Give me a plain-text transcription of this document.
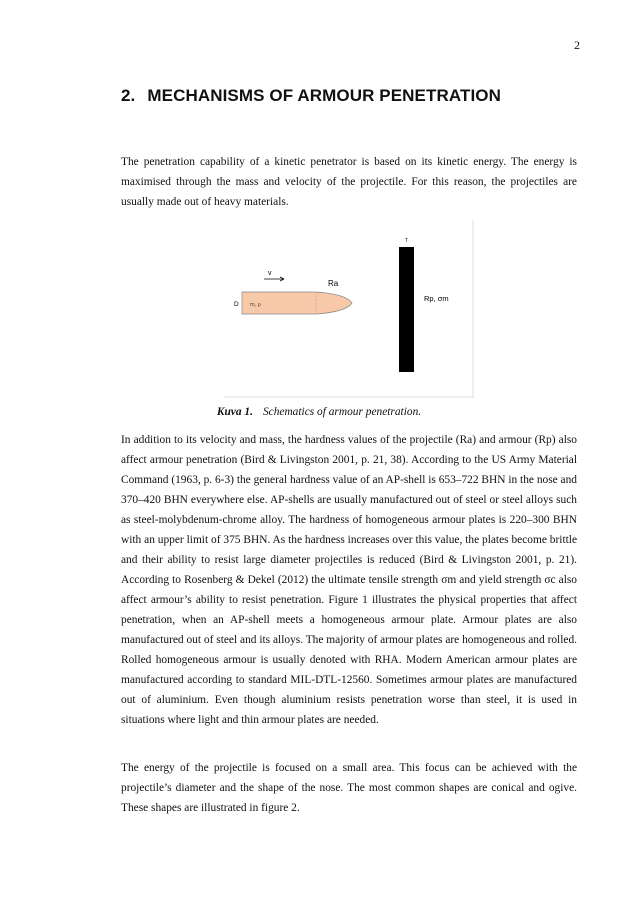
2
2. MECHANISMS OF ARMOUR PENETRATION

The penetration capability of a kinetic penetrator is based on its kinetic energy. The energy is maximised through the mass and velocity of the projectile. For this reason, the projectiles are usually made out of heavy materials.

v
D m, ρ
Ra
T
Rp, σm
Kuva 1. Schematics of armour penetration.

In addition to its velocity and mass, the hardness values of the projectile (Ra) and armour (Rp) also affect armour penetration (Bird & Livingston 2001, p. 21, 38). According to the US Army Material Command (1963, p. 6-3) the general hardness value of an AP-shell is 653–722 BHN in the nose and 370–420 BHN everywhere else. AP-shells are usually manufactured out of steel or steel alloys such as steel-molybdenum-chrome alloy. The hardness of homogeneous armour plates is 220–300 BHN with an upper limit of 375 BHN. As the hardness increases over this value, the plates become brittle and their ability to resist large diameter projectiles is reduced (Bird & Livingston 2001, p. 21). According to Rosenberg & Dekel (2012) the ultimate tensile strength σm and yield strength σc also affect armour’s ability to resist penetration. Figure 1 illustrates the physical properties that affect penetration, when an AP-shell meets a homogeneous armour plate. Armour plates are also manufactured out of steel and its alloys. The majority of armour plates are homogeneous and rolled. Rolled homogeneous armour is usually denoted with RHA. Modern American armour plates are manufactured according to standard MIL-DTL-12560. Sometimes armour plates are manufactured out of aluminium. Even though aluminium resists penetration worse than steel, it is used in situations where light and thin armour plates are needed.

The energy of the projectile is focused on a small area. This focus can be achieved with the projectile’s diameter and the shape of the nose. The most common shapes are conical and ogive. These shapes are illustrated in figure 2.
